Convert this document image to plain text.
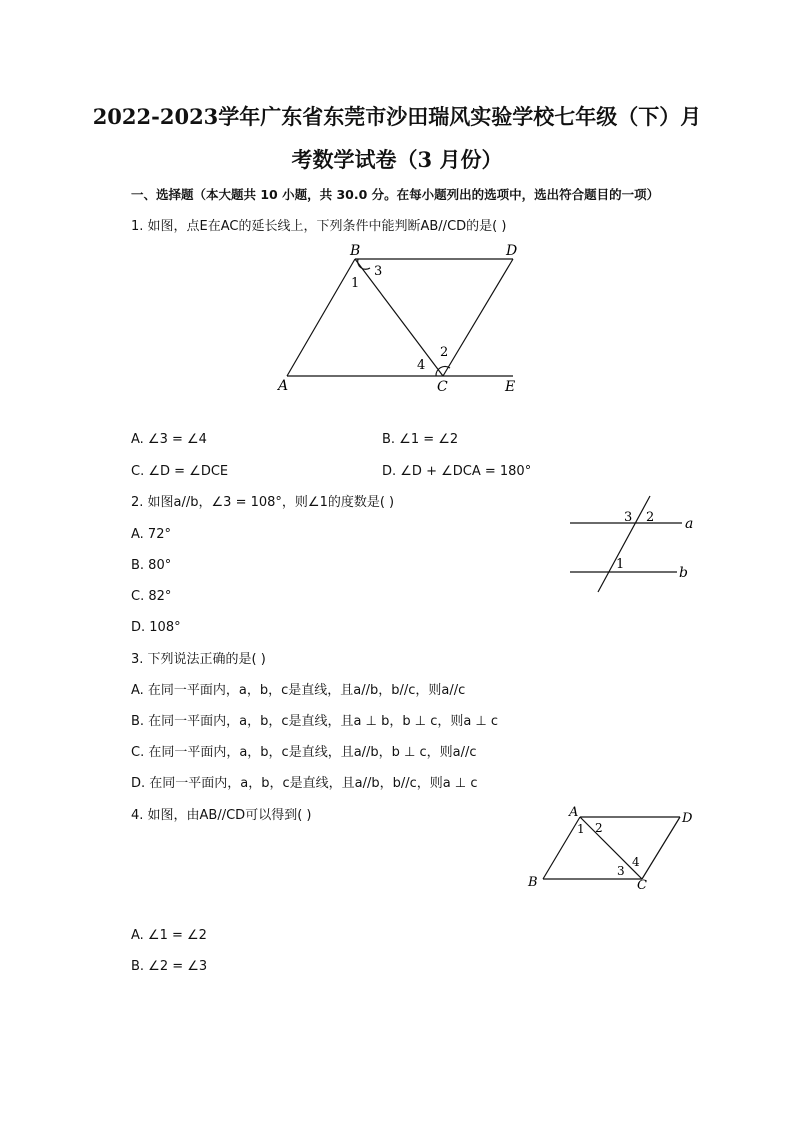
2022-2023学年广东省东莞市沙田瑞风实验学校七年级（下）月
考数学试卷（3 月份）
一、选择题（本大题共 10 小题，共 30.0 分。在每小题列出的选项中，选出符合题目的一项）
1. 如图，点E在AC的延长线上，下列条件中能判断AB//CD的是( )
B	D
A	C	E
1
2
3
4
A. ∠3 = ∠4	B. ∠1 = ∠2
C. ∠D = ∠DCE	D. ∠D + ∠DCA = 180°
2. 如图a//b，∠3 = 108°，则∠1的度数是( )
3 2
1
a
b
A. 72°
B. 80°
C. 82°
D. 108°
3. 下列说法正确的是( )
A. 在同一平面内，a，b，c是直线，且a//b，b//c，则a//c
B. 在同一平面内，a，b，c是直线，且a ⊥ b，b ⊥ c，则a ⊥ c
C. 在同一平面内，a，b，c是直线，且a//b，b ⊥ c，则a//c
D. 在同一平面内，a，b，c是直线，且a//b，b//c，则a ⊥ c
4. 如图，由AB//CD可以得到( )	A	D
B	C
1 2
3
4
A. ∠1 = ∠2
B. ∠2 = ∠3
